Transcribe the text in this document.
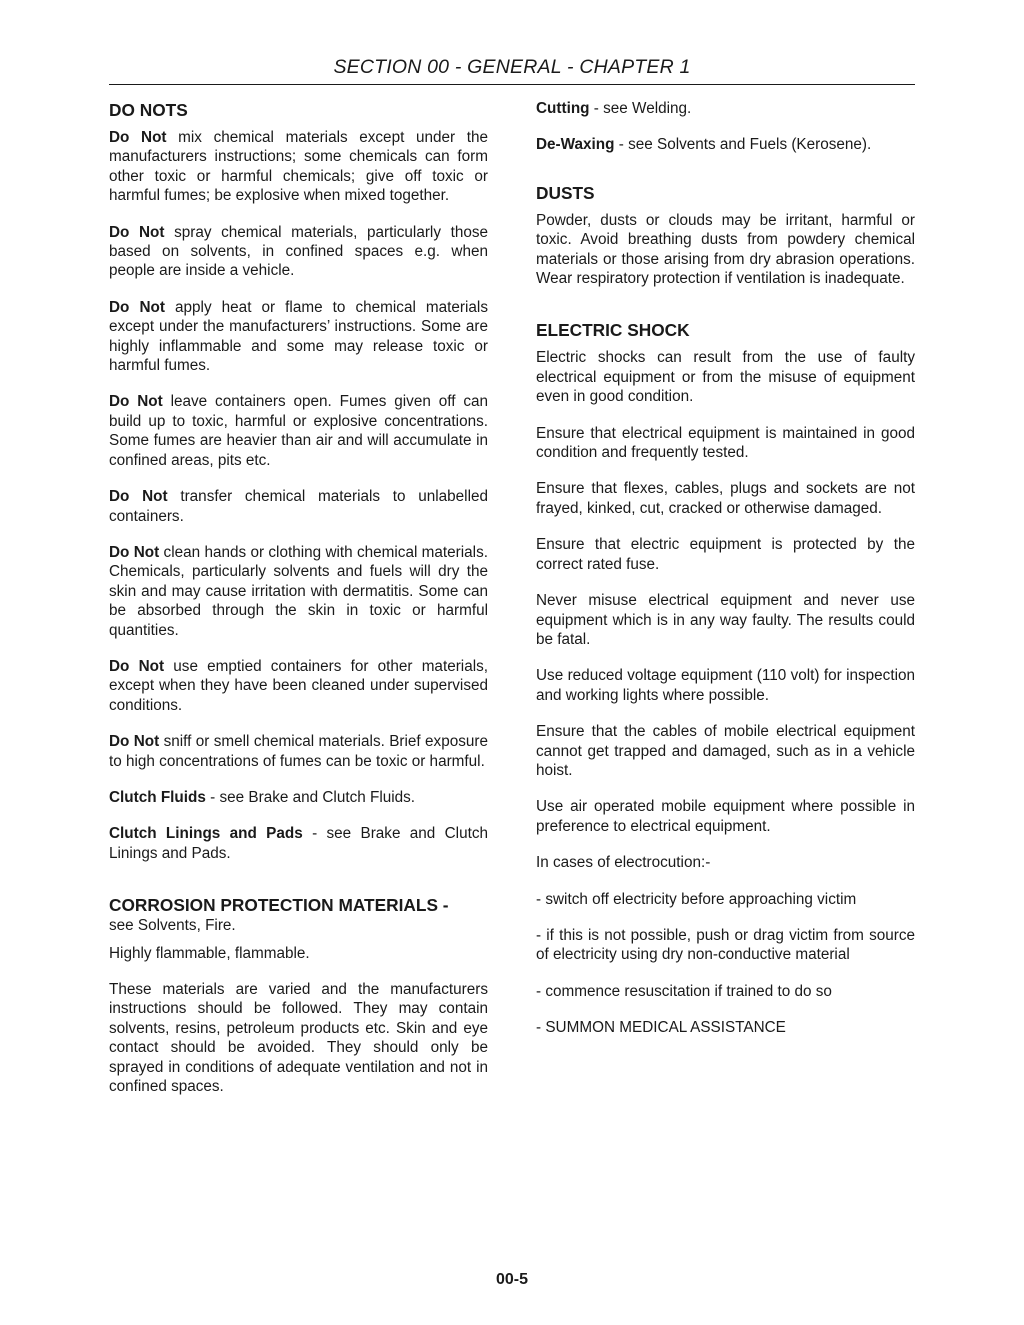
SECTION 00 - GENERAL - CHAPTER 1
DO NOTS

Do Not mix chemical materials except under the manufacturers instructions; some chemicals can form other toxic or harmful chemicals; give off toxic or harmful fumes; be explosive when mixed together.

Do Not spray chemical materials, particularly those based on solvents, in confined spaces e.g. when people are inside a vehicle.

Do Not apply heat or flame to chemical materials except under the manufacturers’ instructions. Some are highly inflammable and some may release toxic or harmful fumes.

Do Not leave containers open. Fumes given off can build up to toxic, harmful or explosive concentrations. Some fumes are heavier than air and will accumulate in confined areas, pits etc.

Do Not transfer chemical materials to unlabelled containers.

Do Not clean hands or clothing with chemical materials. Chemicals, particularly solvents and fuels will dry the skin and may cause irritation with dermatitis. Some can be absorbed through the skin in toxic or harmful quantities.

Do Not use emptied containers for other materials, except when they have been cleaned under supervised conditions.

Do Not sniff or smell chemical materials. Brief exposure to high concentrations of fumes can be toxic or harmful.

Clutch Fluids - see Brake and Clutch Fluids.

Clutch Linings and Pads - see Brake and Clutch Linings and Pads.

CORROSION PROTECTION MATERIALS -

see Solvents, Fire.

Highly flammable, flammable.

These materials are varied and the manufacturers instructions should be followed. They may contain solvents, resins, petroleum products etc. Skin and eye contact should be avoided. They should only be sprayed in conditions of adequate ventilation and not in confined spaces.

Cutting - see Welding.

De-Waxing - see Solvents and Fuels (Kerosene).

DUSTS

Powder, dusts or clouds may be irritant, harmful or toxic. Avoid breathing dusts from powdery chemical materials or those arising from dry abrasion operations. Wear respiratory protection if ventilation is inadequate.

ELECTRIC SHOCK

Electric shocks can result from the use of faulty electrical equipment or from the misuse of equipment even in good condition.

Ensure that electrical equipment is maintained in good condition and frequently tested.

Ensure that flexes, cables, plugs and sockets are not frayed, kinked, cut, cracked or otherwise damaged.

Ensure that electric equipment is protected by the correct rated fuse.

Never misuse electrical equipment and never use equipment which is in any way faulty. The results could be fatal.

Use reduced voltage equipment (110 volt) for inspection and working lights where possible.

Ensure that the cables of mobile electrical equipment cannot get trapped and damaged, such as in a vehicle hoist.

Use air operated mobile equipment where possible in preference to electrical equipment.

In cases of electrocution:-

- switch off electricity before approaching victim

- if this is not possible, push or drag victim from source of electricity using dry non-conductive material

- commence resuscitation if trained to do so

- SUMMON MEDICAL ASSISTANCE

00-5
